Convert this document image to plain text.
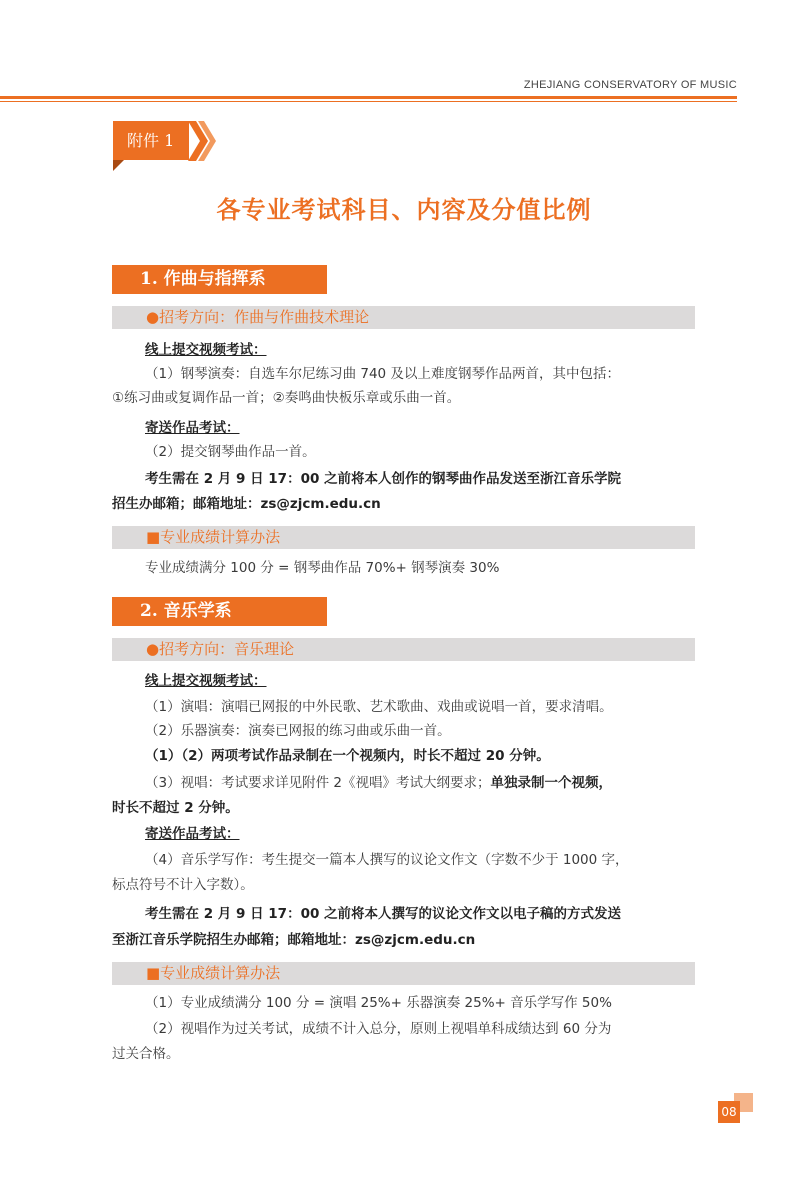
ZHEJIANG CONSERVATORY OF MUSIC
附件 1
各专业考试科目、内容及分值比例
1. 作曲与指挥系
●招考方向：作曲与作曲技术理论
线上提交视频考试：
（1）钢琴演奏：自选车尔尼练习曲 740 及以上难度钢琴作品两首，其中包括：
①练习曲或复调作品一首；②奏鸣曲快板乐章或乐曲一首。
寄送作品考试：
（2）提交钢琴曲作品一首。
考生需在 2 月 9 日 17：00 之前将本人创作的钢琴曲作品发送至浙江音乐学院
招生办邮箱；邮箱地址：zs@zjcm.edu.cn
■专业成绩计算办法
专业成绩满分 100 分 = 钢琴曲作品 70%+ 钢琴演奏 30%
2. 音乐学系
●招考方向：音乐理论
线上提交视频考试：
（1）演唱：演唱已网报的中外民歌、艺术歌曲、戏曲或说唱一首，要求清唱。
（2）乐器演奏：演奏已网报的练习曲或乐曲一首。
（1）（2）两项考试作品录制在一个视频内，时长不超过 20 分钟。
（3）视唱：考试要求详见附件 2《视唱》考试大纲要求；单独录制一个视频，
时长不超过 2 分钟。
寄送作品考试：
（4）音乐学写作：考生提交一篇本人撰写的议论文作文（字数不少于 1000 字，
标点符号不计入字数）。
考生需在 2 月 9 日 17：00 之前将本人撰写的议论文作文以电子稿的方式发送
至浙江音乐学院招生办邮箱；邮箱地址：zs@zjcm.edu.cn
■专业成绩计算办法
（1）专业成绩满分 100 分 = 演唱 25%+ 乐器演奏 25%+ 音乐学写作 50%
（2）视唱作为过关考试，成绩不计入总分，原则上视唱单科成绩达到 60 分为
过关合格。
08
